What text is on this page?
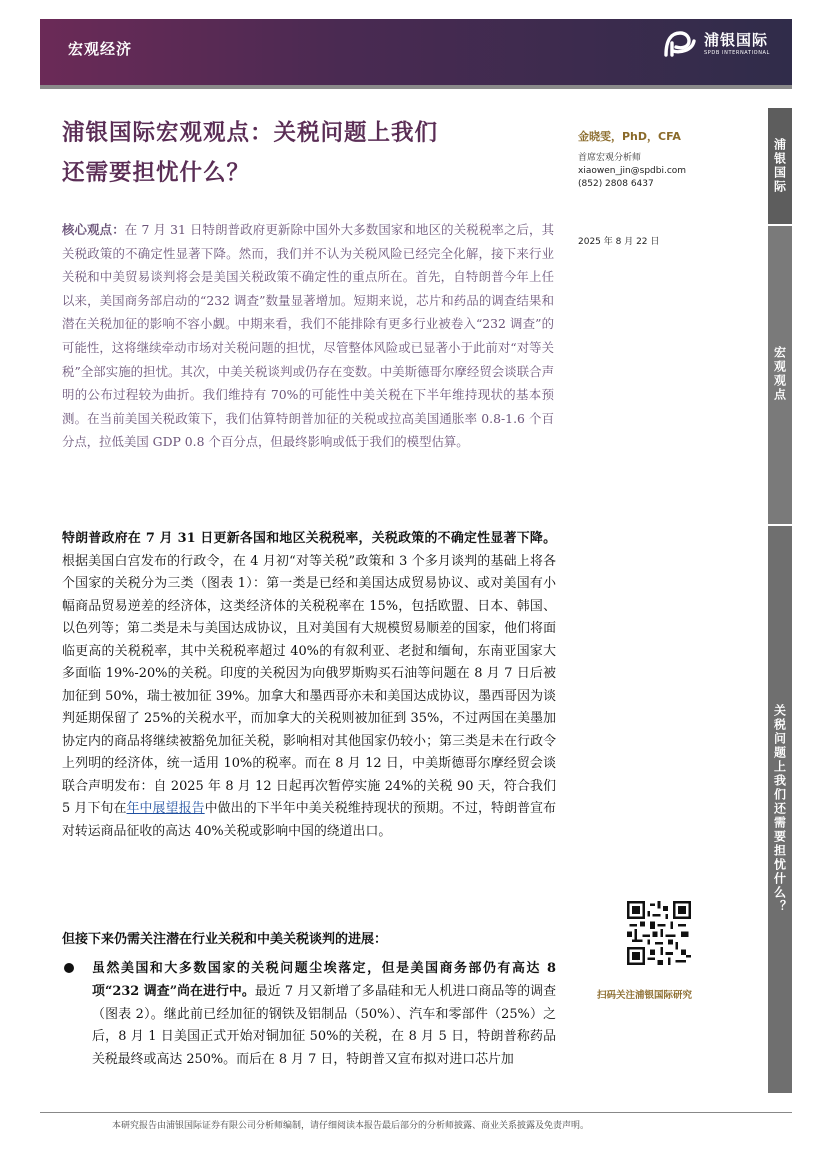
宏观经济	浦银国际
SPDB INTERNATIONAL
浦银国际宏观观点：关税问题上我们
还需要担忧什么？
金晓雯，PhD，CFA
首席宏观分析师
xiaowen_jin@spdbi.com
(852) 2808 6437
2025 年 8 月 22 日
核心观点：在 7 月 31 日特朗普政府更新除中国外大多数国家和地区的关税税率之后，其关税政策的不确定性显著下降。然而，我们并不认为关税风险已经完全化解，接下来行业关税和中美贸易谈判将会是美国关税政策不确定性的重点所在。首先，自特朗普今年上任以来，美国商务部启动的“232 调查”数量显著增加。短期来说，芯片和药品的调查结果和潜在关税加征的影响不容小觑。中期来看，我们不能排除有更多行业被卷入“232 调查”的可能性，这将继续牵动市场对关税问题的担忧，尽管整体风险或已显著小于此前对“对等关税”全部实施的担忧。其次，中美关税谈判或仍存在变数。中美斯德哥尔摩经贸会谈联合声明的公布过程较为曲折。我们维持有 70%的可能性中美关税在下半年维持现状的基本预测。在当前美国关税政策下，我们估算特朗普加征的关税或拉高美国通胀率 0.8-1.6 个百分点，拉低美国 GDP 0.8 个百分点，但最终影响或低于我们的模型估算。
特朗普政府在 7 月 31 日更新各国和地区关税税率，关税政策的不确定性显著下降。根据美国白宫发布的行政令，在 4 月初“对等关税”政策和 3 个多月谈判的基础上将各个国家的关税分为三类（图表 1）：第一类是已经和美国达成贸易协议、或对美国有小幅商品贸易逆差的经济体，这类经济体的关税税率在 15%，包括欧盟、日本、韩国、以色列等；第二类是未与美国达成协议，且对美国有大规模贸易顺差的国家，他们将面临更高的关税税率，其中关税税率超过 40%的有叙利亚、老挝和缅甸，东南亚国家大多面临 19%-20%的关税。印度的关税因为向俄罗斯购买石油等问题在 8 月 7 日后被加征到 50%，瑞士被加征 39%。加拿大和墨西哥亦未和美国达成协议，墨西哥因为谈判延期保留了 25%的关税水平，而加拿大的关税则被加征到 35%，不过两国在美墨加协定内的商品将继续被豁免加征关税，影响相对其他国家仍较小；第三类是未在行政令上列明的经济体，统一适用 10%的税率。而在 8 月 12 日，中美斯德哥尔摩经贸会谈联合声明发布：自 2025 年 8 月 12 日起再次暂停实施 24%的关税 90 天，符合我们 5 月下旬在年中展望报告中做出的下半年中美关税维持现状的预期。不过，特朗普宣布对转运商品征收的高达 40%关税或影响中国的绕道出口。
但接下来仍需关注潜在行业关税和中美关税谈判的进展：
虽然美国和大多数国家的关税问题尘埃落定，但是美国商务部仍有高达 8 项“232 调查”尚在进行中。最近 7 月又新增了多晶硅和无人机进口商品等的调查（图表 2）。继此前已经加征的钢铁及铝制品（50%）、汽车和零部件（25%）之后，8 月 1 日美国正式开始对铜加征 50%的关税，在 8 月 5 日，特朗普称药品关税最终或高达 250%。而后在 8 月 7 日，特朗普又宣布拟对进口芯片加
浦银国际
宏观观点
关税问题上我们还需要担忧什么？
扫码关注浦银国际研究
本研究报告由浦银国际证券有限公司分析师编制，请仔细阅读本报告最后部分的分析师披露、商业关系披露及免责声明。
